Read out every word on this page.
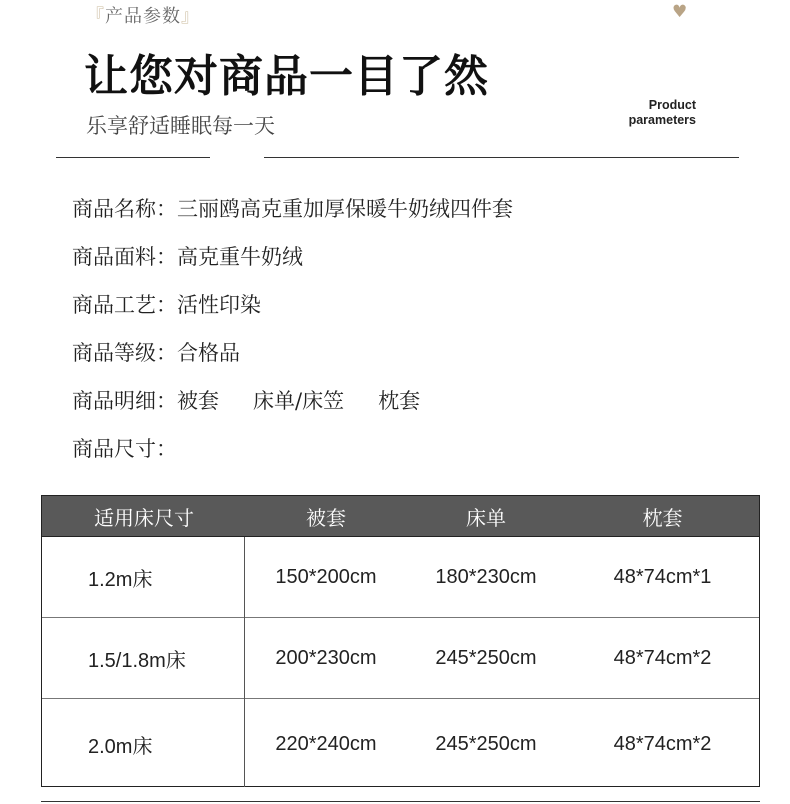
『产品参数』	♥
让您对商品一目了然
乐享舒适睡眠每一天
Product
parameters
商品名称：三丽鸥高克重加厚保暖牛奶绒四件套
商品面料：高克重牛奶绒
商品工艺：活性印染
商品等级：合格品
商品明细：被套 床单/床笠 枕套
商品尺寸：
适用床尺寸	被套	床单	枕套
1.2m床	150*200cm	180*230cm	48*74cm*1
1.5/1.8m床	200*230cm	245*250cm	48*74cm*2
2.0m床	220*240cm	245*250cm	48*74cm*2
